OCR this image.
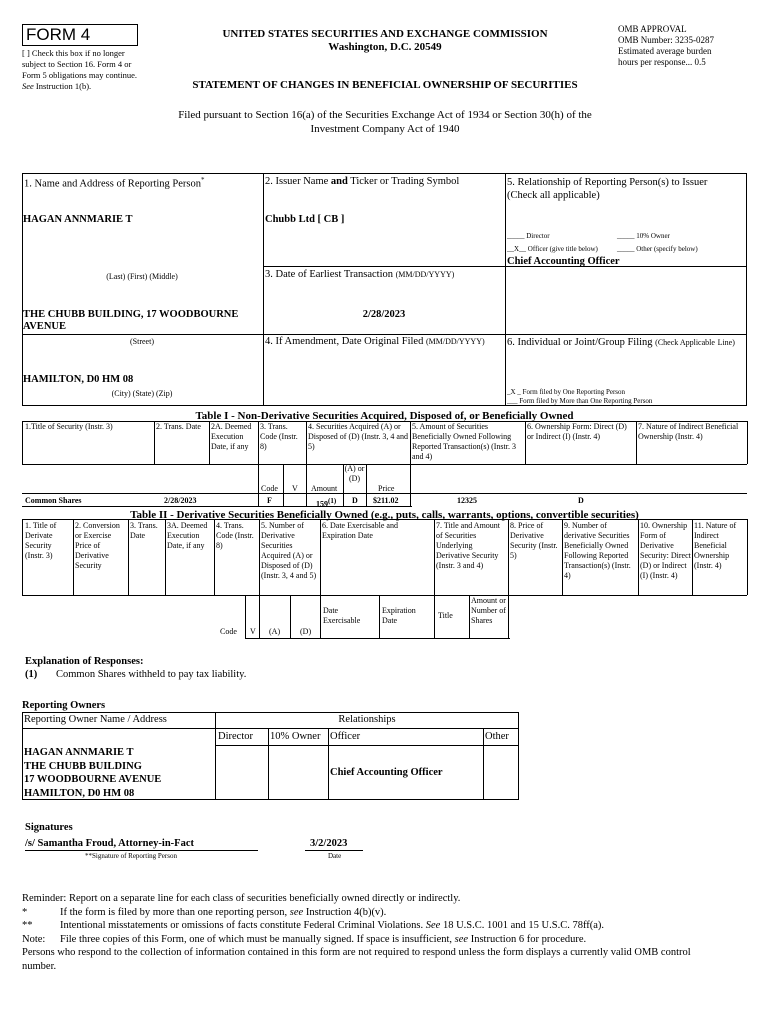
FORM 4
[ ] Check this box if no longer subject to Section 16. Form 4 or Form 5 obligations may continue. See Instruction 1(b).
UNITED STATES SECURITIES AND EXCHANGE COMMISSION
Washington, D.C. 20549
STATEMENT OF CHANGES IN BENEFICIAL OWNERSHIP OF SECURITIES
OMB APPROVAL
OMB Number: 3235-0287
Estimated average burden
hours per response... 0.5
Filed pursuant to Section 16(a) of the Securities Exchange Act of 1934 or Section 30(h) of the
Investment Company Act of 1940
1. Name and Address of Reporting Person*
HAGAN ANNMARIE T
(Last) (First) (Middle)
THE CHUBB BUILDING, 17 WOODBOURNE AVENUE
(Street)
HAMILTON, D0 HM 08
(City) (State) (Zip)
2. Issuer Name and Ticker or Trading Symbol
Chubb Ltd [ CB ]
3. Date of Earliest Transaction (MM/DD/YYYY)
2/28/2023
4. If Amendment, Date Original Filed (MM/DD/YYYY)
5. Relationship of Reporting Person(s) to Issuer
(Check all applicable)
_____ Director	_____ 10% Owner
__X__ Officer (give title below)	_____ Other (specify below)
Chief Accounting Officer
6. Individual or Joint/Group Filing (Check Applicable Line)
_X _ Form filed by One Reporting Person
___ Form filed by More than One Reporting Person
Table I - Non-Derivative Securities Acquired, Disposed of, or Beneficially Owned
1.Title of Security (Instr. 3)	2. Trans. Date	2A. Deemed Execution Date, if any
3. Trans. Code (Instr. 8)
4. Securities Acquired (A) or Disposed of (D) (Instr. 3, 4 and 5)
5. Amount of Securities Beneficially Owned Following Reported Transaction(s) (Instr. 3 and 4)
6. Ownership Form: Direct (D) or Indirect (I) (Instr. 4)
7. Nature of Indirect Beneficial Ownership (Instr. 4)
Code V Amount
(A) or (D)
Price
Common Shares	2/28/2023	F	159$^{(1)}$ D $211.02	12325	D
Table II - Derivative Securities Beneficially Owned (e.g., puts, calls, warrants, options, convertible securities)
1. Title of Derivate Security (Instr. 3)
2. Conversion or Exercise Price of Derivative Security
3. Trans. Date
3A. Deemed Execution Date, if any
4. Trans. Code (Instr. 8)
5. Number of Derivative Securities Acquired (A) or Disposed of (D) (Instr. 3, 4 and 5)
6. Date Exercisable and Expiration Date
7. Title and Amount of Securities Underlying Derivative Security (Instr. 3 and 4)
8. Price of Derivative Security (Instr. 5)
9. Number of derivative Securities Beneficially Owned Following Reported Transaction(s) (Instr. 4)
10. Ownership Form of Derivative Security: Direct (D) or Indirect (I) (Instr. 4)
11. Nature of Indirect Beneficial Ownership (Instr. 4)
Code V (A) (D)
Date Exercisable
Expiration Date
Title
Amount or Number of Shares
Explanation of Responses:
(1) Common Shares withheld to pay tax liability.
Reporting Owners
Reporting Owner Name / Address	Relationships
Director 10% Owner Officer	Other
HAGAN ANNMARIE T
THE CHUBB BUILDING
17 WOODBOURNE AVENUE
HAMILTON, D0 HM 08
Chief Accounting Officer
Signatures
/s/ Samantha Froud, Attorney-in-Fact	3/2/2023
**Signature of Reporting Person	Date
Reminder: Report on a separate line for each class of securities beneficially owned directly or indirectly.
*	If the form is filed by more than one reporting person, see Instruction 4(b)(v).
**	Intentional misstatements or omissions of facts constitute Federal Criminal Violations. See 18 U.S.C. 1001 and 15 U.S.C. 78ff(a).
Note: File three copies of this Form, one of which must be manually signed. If space is insufficient, see Instruction 6 for procedure.
Persons who respond to the collection of information contained in this form are not required to respond unless the form displays a currently valid OMB control
number.
